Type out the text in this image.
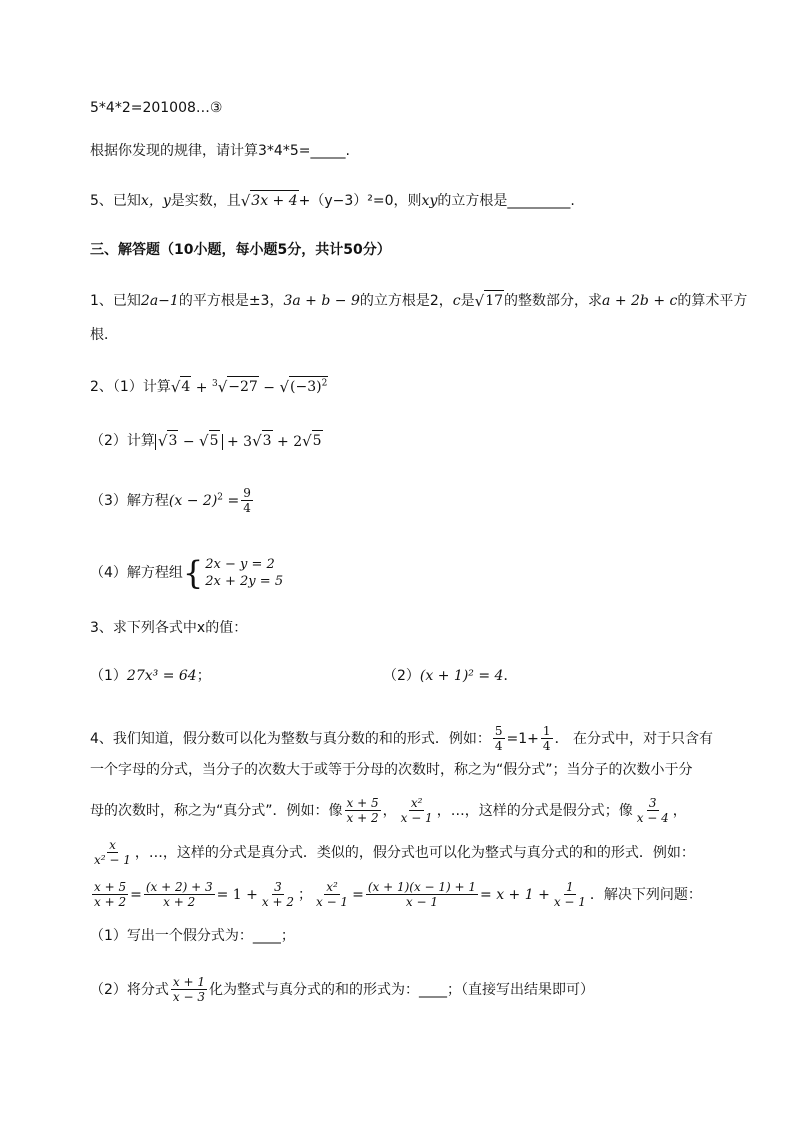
5*4*2=201008…③
根据你发现的规律，请计算3*4*5=_____.
5、已知 x，y 是实数，且 √ 3x + 4 +（y−3）²=0，则 xy 的立方根是_________.
三、解答题（10小题，每小题5分，共计50分）
1、已知 2a−1 的平方根是±3， 3a + b − 9 的立方根是2， c 是 √ 17 的整数部分，求 a + 2b + c 的算术平方
根．
2、（1）计算 √ 4 + $^3$√ −27 − √ $(-3)^2$
（2）计算 √ 3 − √ 5 + 3 √ 3 + 2 √ 5
（3）解方程 $(x - 2)^2 = \frac{9}{4}$
（4）解方程组 { 2x − y = 2
2x + 2y = 5
3、求下列各式中x的值：
（1） 27x³ = 64 ；	（2） (x + 1)² = 4 ．
4、我们知道，假分数可以化为整数与真分数的和的形式．例如： $\frac{5}{4} =1+ \frac{1}{4}$ ． 在分式中，对于只含有
一个字母的分式，当分子的次数大于或等于分母的次数时，称之为“假分式”；当分子的次数小于分
母的次数时，称之为“真分式”．例如：像 $\frac{x + 5}{x + 2}$ ， $\frac{\text{x²}}{x - 1}$ ，…，这样的分式是假分式；像 $\frac{3}{x - 4}$ ，
$\frac{x}{\text{x² − 1}}$ ，…，这样的分式是真分式．类似的，假分式也可以化为整式与真分式的和的形式．例如：
$\frac{x + 5}{x + 2} = \frac{(x + 2) + 3}{x + 2} = 1 + \frac{3}{x + 2}$ ； $\frac{\text{x²}}{x - 1} = \frac{(x + 1)(x - 1) + 1}{x - 1} = x + 1 + \frac{1}{x - 1}$ ．解决下列问题：
（1）写出一个假分式为：____；
（2）将分式 $\frac{x + 1}{x - 3}$ 化为整式与真分式的和的形式为：____；（直接写出结果即可）
